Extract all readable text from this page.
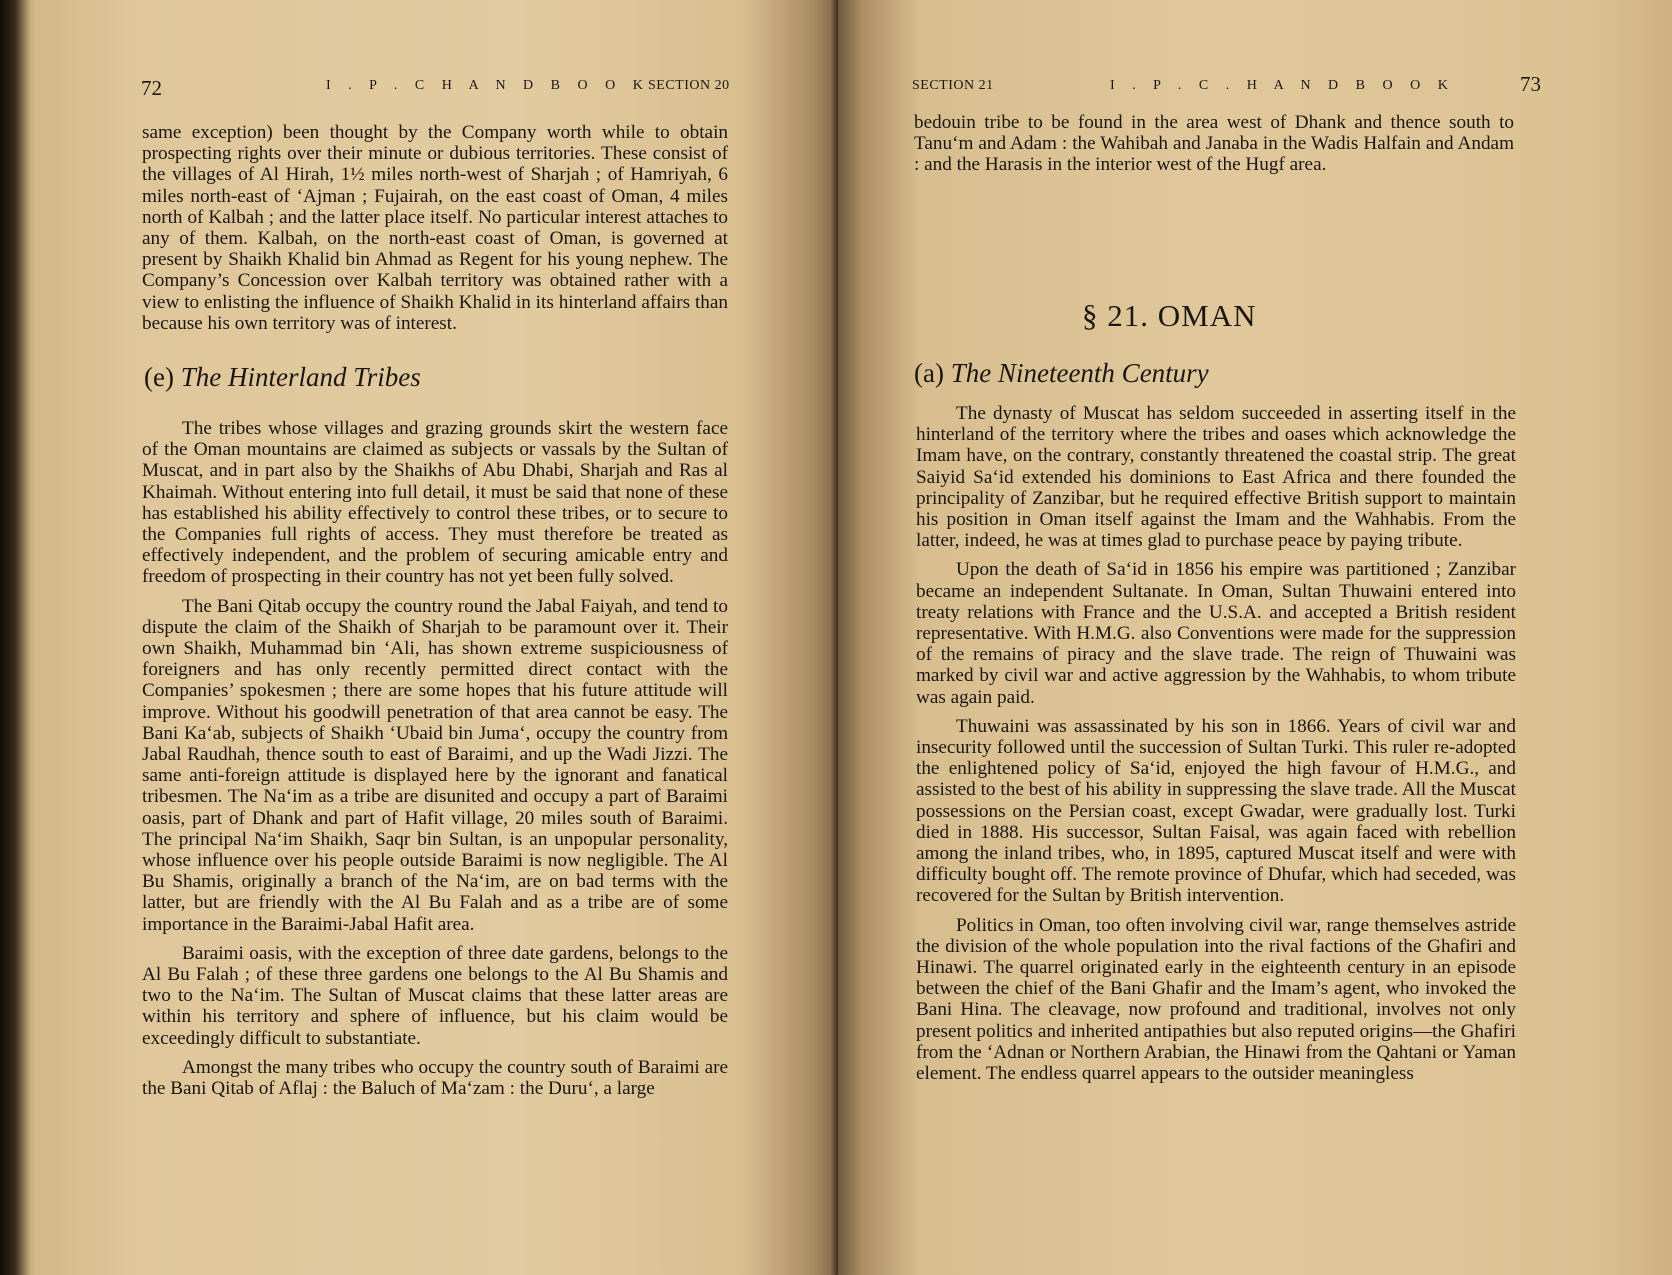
72	I . P . C H A N D B O O K
SECTION 20

same exception) been thought by the Company worth while to obtain prospecting rights over their minute or dubious territories. These consist of the villages of Al Hirah, 1½ miles north-west of Sharjah ; of Hamriyah, 6 miles north-east of ‘Ajman ; Fujairah, on the east coast of Oman, 4 miles north of Kalbah ; and the latter place itself. No particular interest attaches to any of them. Kalbah, on the north-east coast of Oman, is governed at present by Shaikh Khalid bin Ahmad as Regent for his young nephew. The Company’s Concession over Kalbah territory was obtained rather with a view to enlisting the influence of Shaikh Khalid in its hinterland affairs than because his own territory was of interest.

(e) The Hinterland Tribes

The tribes whose villages and grazing grounds skirt the western face of the Oman mountains are claimed as subjects or vassals by the Sultan of Muscat, and in part also by the Shaikhs of Abu Dhabi, Sharjah and Ras al Khaimah. Without entering into full detail, it must be said that none of these has established his ability effectively to control these tribes, or to secure to the Companies full rights of access. They must therefore be treated as effectively independent, and the problem of securing amicable entry and freedom of prospecting in their country has not yet been fully solved.

The Bani Qitab occupy the country round the Jabal Faiyah, and tend to dispute the claim of the Shaikh of Sharjah to be paramount over it. Their own Shaikh, Muhammad bin ‘Ali, has shown extreme suspiciousness of foreigners and has only recently permitted direct contact with the Companies’ spokesmen ; there are some hopes that his future attitude will improve. Without his goodwill penetration of that area cannot be easy. The Bani Ka‘ab, subjects of Shaikh ‘Ubaid bin Juma‘, occupy the country from Jabal Raudhah, thence south to east of Baraimi, and up the Wadi Jizzi. The same anti-foreign attitude is displayed here by the ignorant and fanatical tribesmen. The Na‘im as a tribe are disunited and occupy a part of Baraimi oasis, part of Dhank and part of Hafit village, 20 miles south of Baraimi. The principal Na‘im Shaikh, Saqr bin Sultan, is an unpopular personality, whose influence over his people outside Baraimi is now negligible. The Al Bu Shamis, originally a branch of the Na‘im, are on bad terms with the latter, but are friendly with the Al Bu Falah and as a tribe are of some importance in the Baraimi-Jabal Hafit area.

Baraimi oasis, with the exception of three date gardens, belongs to the Al Bu Falah ; of these three gardens one belongs to the Al Bu Shamis and two to the Na‘im. The Sultan of Muscat claims that these latter areas are within his territory and sphere of influence, but his claim would be exceedingly difficult to substantiate.

Amongst the many tribes who occupy the country south of Baraimi are the Bani Qitab of Aflaj : the Baluch of Ma‘zam : the Duru‘, a large

SECTION 21	I . P . C . H A N D B O O K	73

bedouin tribe to be found in the area west of Dhank and thence south to Tanu‘m and Adam : the Wahibah and Janaba in the Wadis Halfain and Andam : and the Harasis in the interior west of the Hugf area.

§ 21. OMAN
(a) The Nineteenth Century

The dynasty of Muscat has seldom succeeded in asserting itself in the hinterland of the territory where the tribes and oases which acknowledge the Imam have, on the contrary, constantly threatened the coastal strip. The great Saiyid Sa‘id extended his dominions to East Africa and there founded the principality of Zanzibar, but he required effective British support to maintain his position in Oman itself against the Imam and the Wahhabis. From the latter, indeed, he was at times glad to purchase peace by paying tribute.

Upon the death of Sa‘id in 1856 his empire was partitioned ; Zanzibar became an independent Sultanate. In Oman, Sultan Thuwaini entered into treaty relations with France and the U.S.A. and accepted a British resident representative. With H.M.G. also Conventions were made for the suppression of the remains of piracy and the slave trade. The reign of Thuwaini was marked by civil war and active aggression by the Wahhabis, to whom tribute was again paid.

Thuwaini was assassinated by his son in 1866. Years of civil war and insecurity followed until the succession of Sultan Turki. This ruler re-adopted the enlightened policy of Sa‘id, enjoyed the high favour of H.M.G., and assisted to the best of his ability in suppressing the slave trade. All the Muscat possessions on the Persian coast, except Gwadar, were gradually lost. Turki died in 1888. His successor, Sultan Faisal, was again faced with rebellion among the inland tribes, who, in 1895, captured Muscat itself and were with difficulty bought off. The remote province of Dhufar, which had seceded, was recovered for the Sultan by British intervention.

Politics in Oman, too often involving civil war, range themselves astride the division of the whole population into the rival factions of the Ghafiri and Hinawi. The quarrel originated early in the eighteenth century in an episode between the chief of the Bani Ghafir and the Imam’s agent, who invoked the Bani Hina. The cleavage, now profound and traditional, involves not only present politics and inherited antipathies but also reputed origins—the Ghafiri from the ‘Adnan or Northern Arabian, the Hinawi from the Qahtani or Yaman element. The endless quarrel appears to the outsider meaningless
